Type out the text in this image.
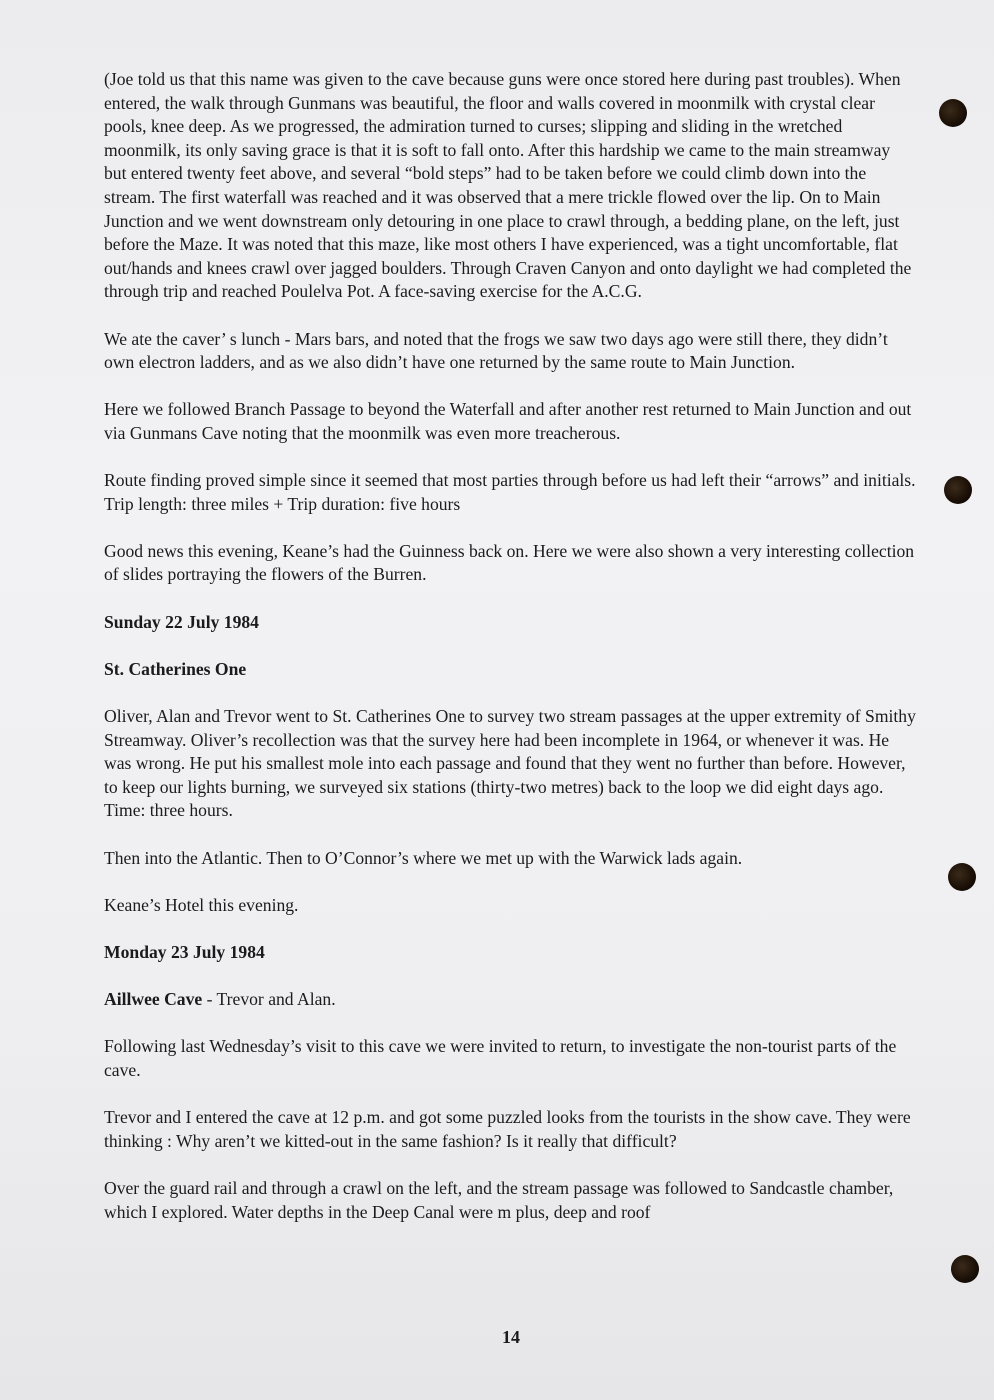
(Joe told us that this name was given to the cave because guns were once stored here during past troubles). When entered, the walk through Gunmans was beautiful, the floor and walls covered in moonmilk with crystal clear pools, knee deep. As we progressed, the admiration turned to curses; slipping and sliding in the wretched moonmilk, its only saving grace is that it is soft to fall onto. After this hardship we came to the main streamway but entered twenty feet above, and several “bold steps” had to be taken before we could climb down into the stream. The first waterfall was reached and it was observed that a mere trickle flowed over the lip. On to Main Junction and we went downstream only detouring in one place to crawl through, a bedding plane, on the left, just before the Maze. It was noted that this maze, like most others I have experienced, was a tight uncomfortable, flat out/hands and knees crawl over jagged boulders. Through Craven Canyon and onto daylight we had completed the through trip and reached Poulelva Pot. A face-saving exercise for the A.C.G.

We ate the caver’ s lunch - Mars bars, and noted that the frogs we saw two days ago were still there, they didn’t own electron ladders, and as we also didn’t have one returned by the same route to Main Junction.

Here we followed Branch Passage to beyond the Waterfall and after another rest returned to Main Junction and out via Gunmans Cave noting that the moonmilk was even more treacherous.

Route finding proved simple since it seemed that most parties through before us had left their “arrows” and initials. Trip length: three miles + Trip duration: five hours

Good news this evening, Keane’s had the Guinness back on. Here we were also shown a very interesting collection of slides portraying the flowers of the Burren.

Sunday 22 July 1984

St. Catherines One

Oliver, Alan and Trevor went to St. Catherines One to survey two stream passages at the upper extremity of Smithy Streamway. Oliver’s recollection was that the survey here had been incomplete in 1964, or whenever it was. He was wrong. He put his smallest mole into each passage and found that they went no further than before. However, to keep our lights burning, we surveyed six stations (thirty-two metres) back to the loop we did eight days ago. Time: three hours.

Then into the Atlantic. Then to O’Connor’s where we met up with the Warwick lads again.

Keane’s Hotel this evening.

Monday 23 July 1984

Aillwee Cave - Trevor and Alan.

Following last Wednesday’s visit to this cave we were invited to return, to investigate the non-tourist parts of the cave.

Trevor and I entered the cave at 12 p.m. and got some puzzled looks from the tourists in the show cave. They were thinking : Why aren’t we kitted-out in the same fashion? Is it really that difficult?

Over the guard rail and through a crawl on the left, and the stream passage was followed to Sandcastle chamber, which I explored. Water depths in the Deep Canal were m plus, deep and roof

14
